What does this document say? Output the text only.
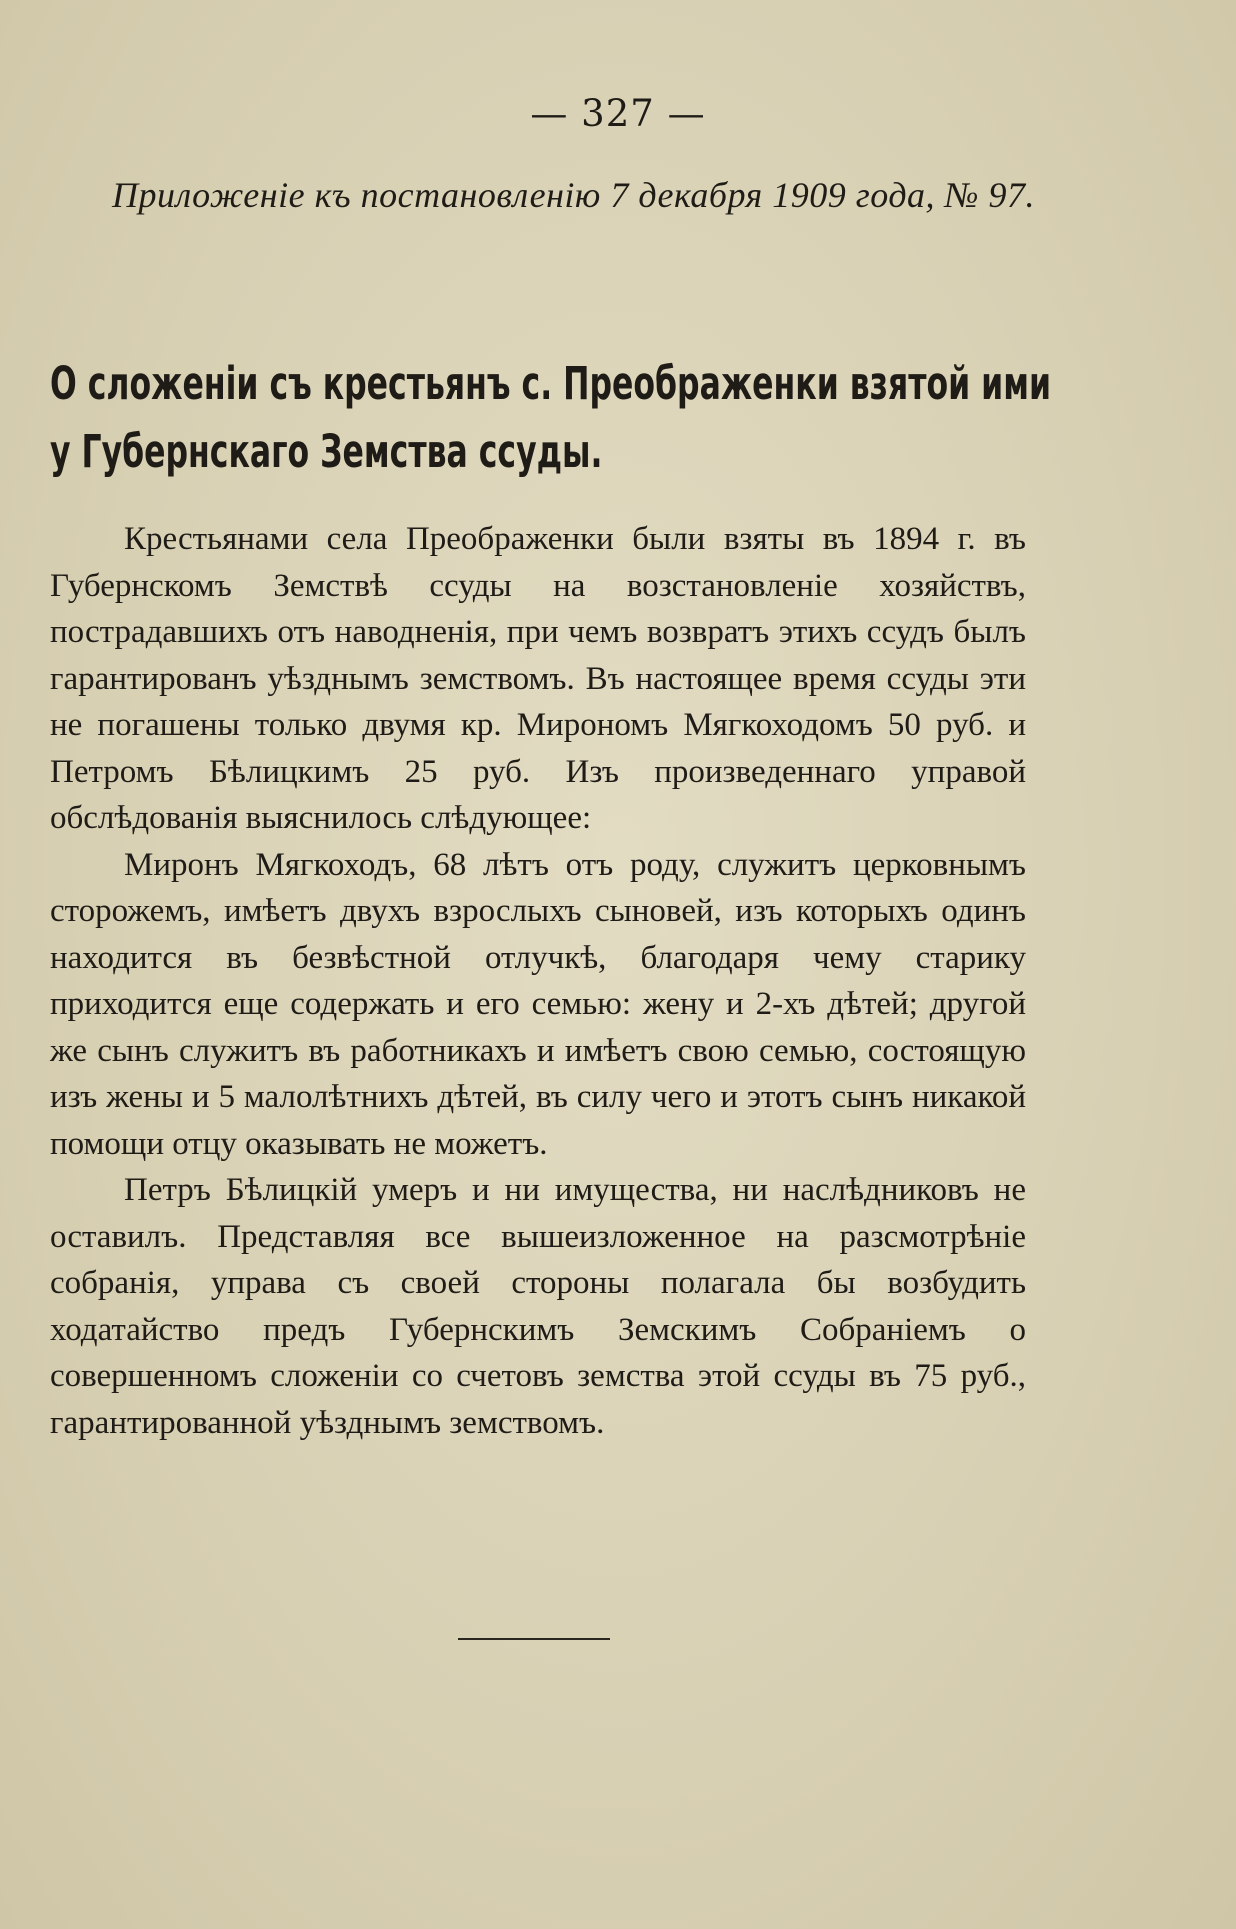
— 327 —
Приложенiе къ постановленiю 7 декабря 1909 года, № 97.
О сложенiи съ крестьянъ с. Преображенки взятой ими у Губернскаго Земства ссуды.

Крестьянами села Преображенки были взяты въ 1894 г. въ Губернскомъ Земствѣ ссуды на возстановленiе хозяйствъ, пострадавшихъ отъ наводненiя, при чемъ возвратъ этихъ ссудъ былъ гарантированъ уѣзднымъ земствомъ. Въ настоящее время ссуды эти не погашены только двумя кр. Мирономъ Мягкоходомъ 50 руб. и Петромъ Бѣлицкимъ 25 руб. Изъ произведеннаго управой обслѣдованiя выяснилось слѣдующее:

Миронъ Мягкоходъ, 68 лѣтъ отъ роду, служитъ церковнымъ сторожемъ, имѣетъ двухъ взрослыхъ сыновей, изъ которыхъ одинъ находится въ безвѣстной отлучкѣ, благодаря чему старику приходится еще содержать и его семью: жену и 2-хъ дѣтей; другой же сынъ служитъ въ работникахъ и имѣетъ свою семью, состоящую изъ жены и 5 малолѣтнихъ дѣтей, въ силу чего и этотъ сынъ никакой помощи отцу оказывать не можетъ.

Петръ Бѣлицкiй умеръ и ни имущества, ни наслѣдниковъ не оставилъ. Представляя все вышеизложенное на разсмотрѣнiе собранiя, управа съ своей стороны полагала бы возбудить ходатайство предъ Губернскимъ Земскимъ Собранiемъ о совершенномъ сложенiи со счетовъ земства этой ссуды въ 75 руб., гарантированной уѣзднымъ земствомъ.
